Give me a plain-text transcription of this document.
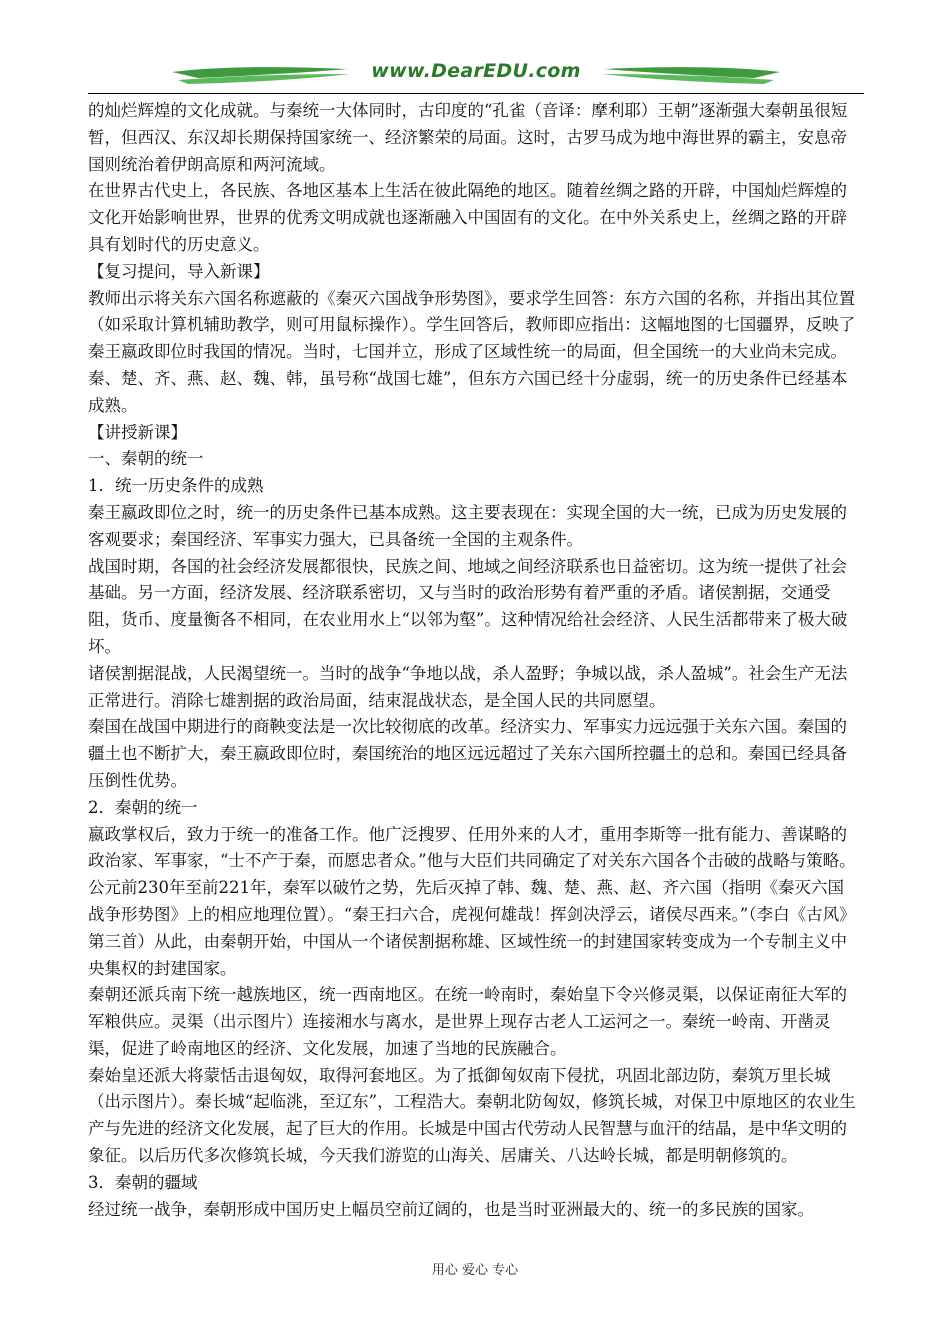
www.DearEDU.com

的灿烂辉煌的文化成就。与秦统一大体同时，古印度的“孔雀（音译：摩利耶）王朝”逐渐强大秦朝虽很短暂，但西汉、东汉却长期保持国家统一、经济繁荣的局面。这时，古罗马成为地中海世界的霸主，安息帝国则统治着伊朗高原和两河流域。

在世界古代史上，各民族、各地区基本上生活在彼此隔绝的地区。随着丝绸之路的开辟，中国灿烂辉煌的文化开始影响世界，世界的优秀文明成就也逐渐融入中国固有的文化。在中外关系史上，丝绸之路的开辟具有划时代的历史意义。

【复习提问，导入新课】

教师出示将关东六国名称遮蔽的《秦灭六国战争形势图》，要求学生回答：东方六国的名称，并指出其位置（如采取计算机辅助教学，则可用鼠标操作）。学生回答后，教师即应指出：这幅地图的七国疆界，反映了秦王嬴政即位时我国的情况。当时，七国并立，形成了区域性统一的局面，但全国统一的大业尚未完成。秦、楚、齐、燕、赵、魏、韩，虽号称“战国七雄”，但东方六国已经十分虚弱，统一的历史条件已经基本成熟。

【讲授新课】

一、秦朝的统一

1．统一历史条件的成熟

秦王嬴政即位之时，统一的历史条件已基本成熟。这主要表现在：实现全国的大一统，已成为历史发展的客观要求；秦国经济、军事实力强大，已具备统一全国的主观条件。

战国时期，各国的社会经济发展都很快，民族之间、地域之间经济联系也日益密切。这为统一提供了社会基础。另一方面，经济发展、经济联系密切，又与当时的政治形势有着严重的矛盾。诸侯割据，交通受阻，货币、度量衡各不相同，在农业用水上“以邻为壑”。这种情况给社会经济、人民生活都带来了极大破坏。

诸侯割据混战，人民渴望统一。当时的战争“争地以战，杀人盈野；争城以战，杀人盈城”。社会生产无法正常进行。消除七雄割据的政治局面，结束混战状态，是全国人民的共同愿望。

秦国在战国中期进行的商鞅变法是一次比较彻底的改革。经济实力、军事实力远远强于关东六国。秦国的疆土也不断扩大，秦王嬴政即位时，秦国统治的地区远远超过了关东六国所控疆土的总和。秦国已经具备压倒性优势。

2．秦朝的统一

嬴政掌权后，致力于统一的准备工作。他广泛搜罗、任用外来的人才，重用李斯等一批有能力、善谋略的政治家、军事家，“士不产于秦，而愿忠者众。”他与大臣们共同确定了对关东六国各个击破的战略与策略。公元前230年至前221年，秦军以破竹之势，先后灭掉了韩、魏、楚、燕、赵、齐六国（指明《秦灭六国战争形势图》上的相应地理位置）。“秦王扫六合，虎视何雄哉！挥剑决浮云，诸侯尽西来。”（李白《古风》第三首）从此，由秦朝开始，中国从一个诸侯割据称雄、区域性统一的封建国家转变成为一个专制主义中央集权的封建国家。

秦朝还派兵南下统一越族地区，统一西南地区。在统一岭南时，秦始皇下令兴修灵渠，以保证南征大军的军粮供应。灵渠（出示图片）连接湘水与离水，是世界上现存古老人工运河之一。秦统一岭南、开凿灵渠，促进了岭南地区的经济、文化发展，加速了当地的民族融合。

秦始皇还派大将蒙恬击退匈奴，取得河套地区。为了抵御匈奴南下侵扰，巩固北部边防，秦筑万里长城（出示图片）。秦长城“起临洮，至辽东”，工程浩大。秦朝北防匈奴，修筑长城，对保卫中原地区的农业生产与先进的经济文化发展，起了巨大的作用。长城是中国古代劳动人民智慧与血汗的结晶，是中华文明的象征。以后历代多次修筑长城，今天我们游览的山海关、居庸关、八达岭长城，都是明朝修筑的。

3．秦朝的疆域

经过统一战争，秦朝形成中国历史上幅员空前辽阔的，也是当时亚洲最大的、统一的多民族的国家。

用心 爱心 专心
